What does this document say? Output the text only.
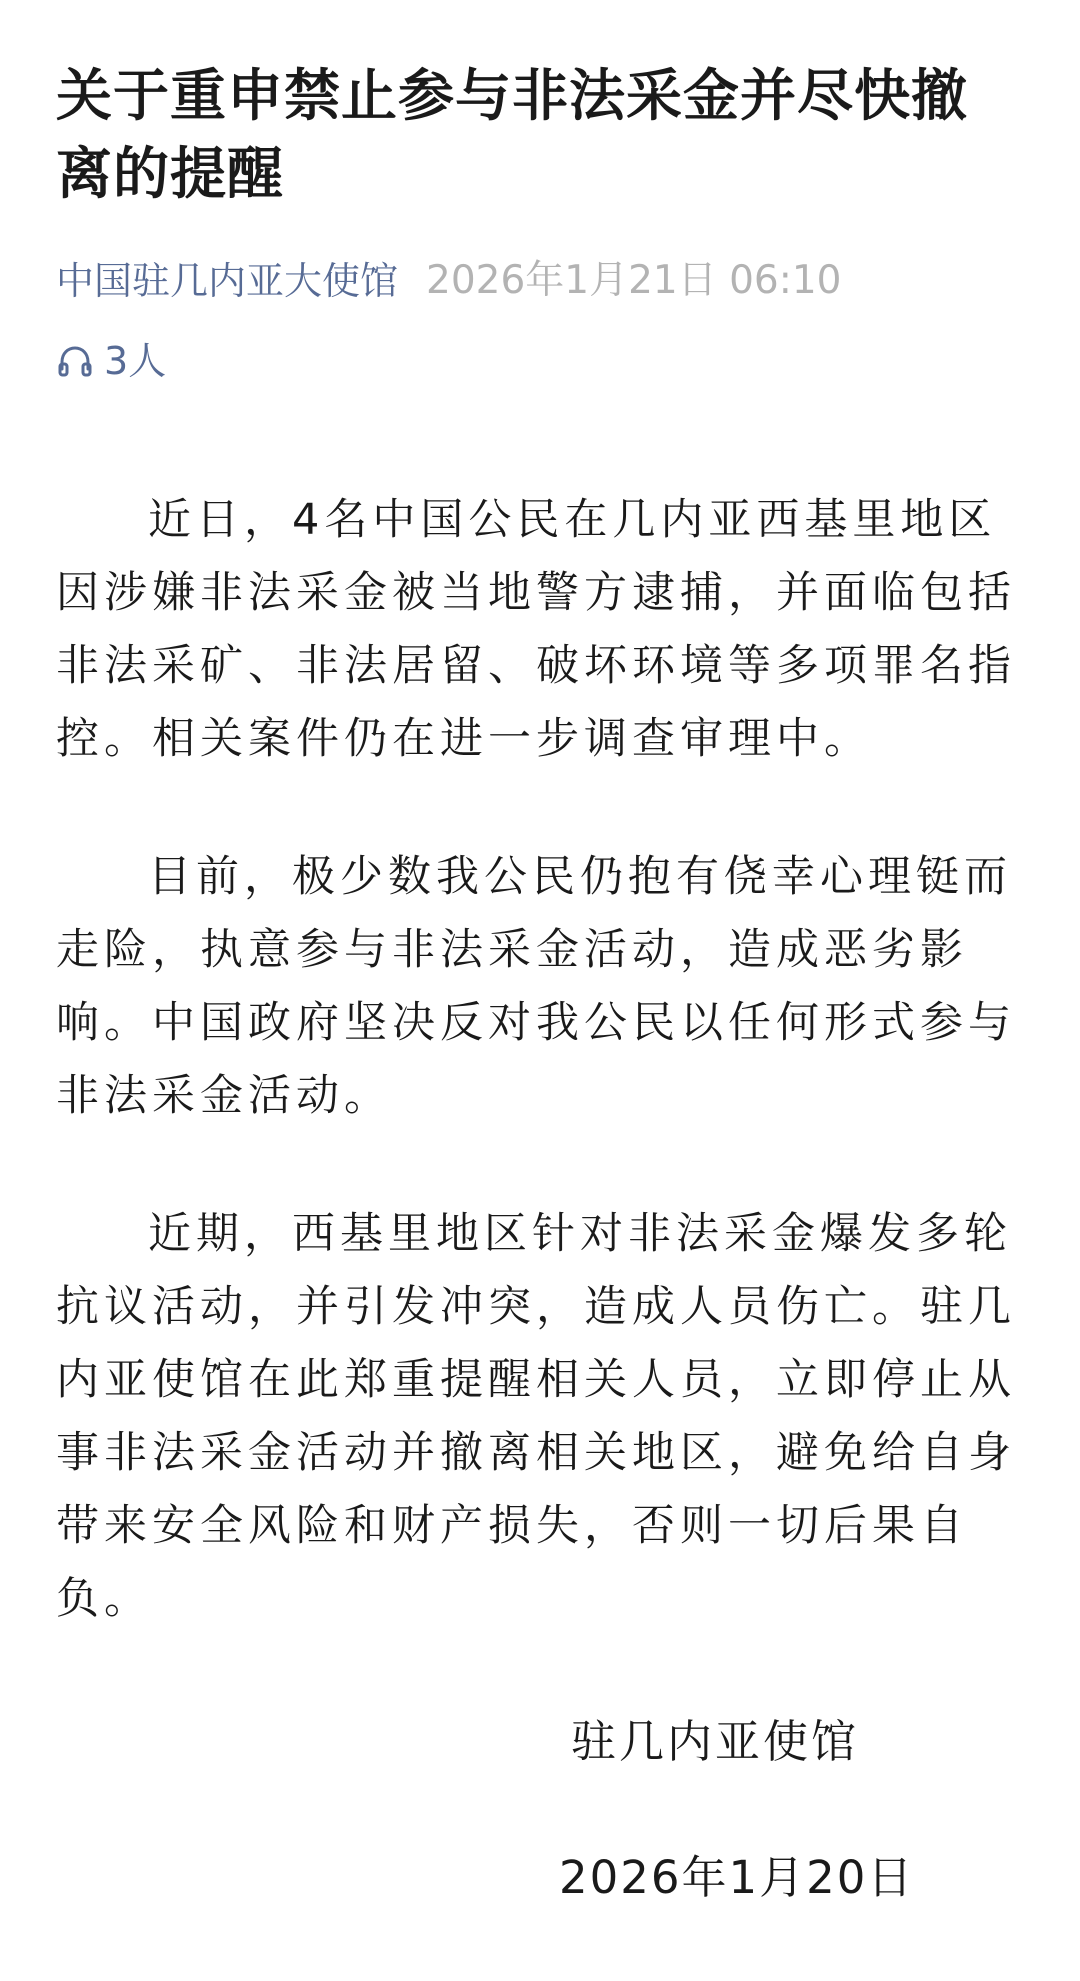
关于重申禁止参与非法采金并尽快撤离的提醒
中国驻几内亚大使馆 2026年1月21日 06:10
3人

近日，4名中国公民在几内亚西基里地区因涉嫌非法采金被当地警方逮捕，并面临包括非法采矿、非法居留、破坏环境等多项罪名指控。相关案件仍在进一步调查审理中。

目前，极少数我公民仍抱有侥幸心理铤而走险，执意参与非法采金活动，造成恶劣影响。中国政府坚决反对我公民以任何形式参与非法采金活动。

近期，西基里地区针对非法采金爆发多轮抗议活动，并引发冲突，造成人员伤亡。驻几内亚使馆在此郑重提醒相关人员，立即停止从事非法采金活动并撤离相关地区，避免给自身带来安全风险和财产损失，否则一切后果自负。

驻几内亚使馆
2026年1月20日
